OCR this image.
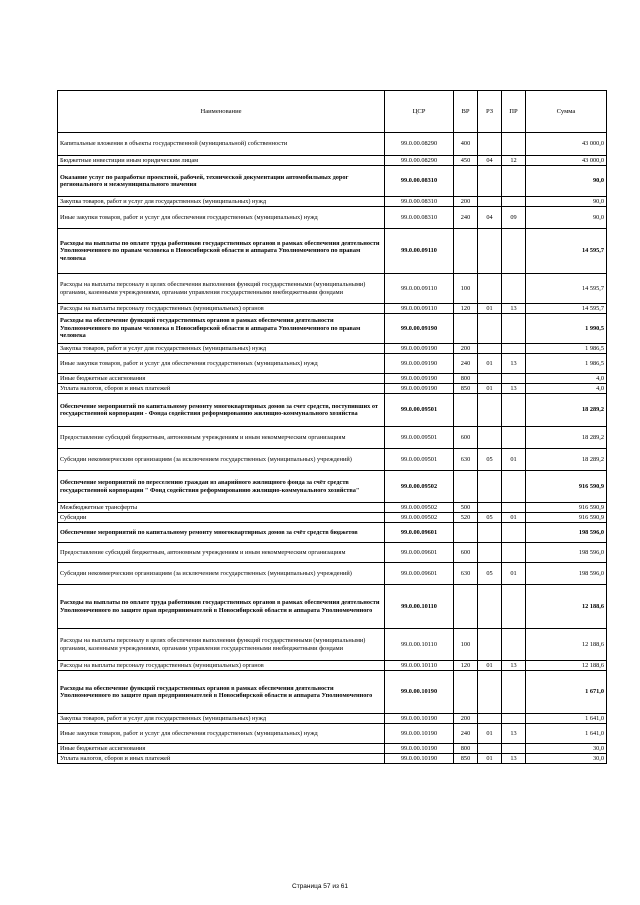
Наименование	ЦСР	ВР	РЗ	ПР	Сумма
Капитальные вложения в объекты государственной (муниципальной) собственности	99.0.00.08290	400			43 000,0
Бюджетные инвестиции иным юридическим лицам	99.0.00.08290	450	04	12	43 000,0
Оказание услуг по разработке проектной, рабочей, технической документации автомобильных дорог регионального и межмуниципального значения	99.0.00.08310				90,0
Закупка товаров, работ и услуг для государственных (муниципальных) нужд	99.0.00.08310	200			90,0
Иные закупки товаров, работ и услуг для обеспечения государственных (муниципальных) нужд	99.0.00.08310	240	04	09	90,0
Расходы на выплаты по оплате труда работников государственных органов в рамках обеспечения деятельности Уполномоченного по правам человека в Новосибирской области и аппарата Уполномоченного по правам человека	99.0.00.09110				14 595,7
Расходы на выплаты персоналу в целях обеспечения выполнения функций государственными (муниципальными) органами, казенными учреждениями, органами управления государственными внебюджетными фондами	99.0.00.09110	100			14 595,7
Расходы на выплаты персоналу государственных (муниципальных) органов	99.0.00.09110	120	01	13	14 595,7
Расходы на обеспечение функций государственных органов в рамках обеспечения деятельности Уполномоченного по правам человека в Новосибирской области и аппарата Уполномоченного по правам человека	99.0.00.09190				1 990,5
Закупка товаров, работ и услуг для государственных (муниципальных) нужд	99.0.00.09190	200			1 986,5
Иные закупки товаров, работ и услуг для обеспечения государственных (муниципальных) нужд	99.0.00.09190	240	01	13	1 986,5
Иные бюджетные ассигнования	99.0.00.09190	800			4,0
Уплата налогов, сборов и иных платежей	99.0.00.09190	850	01	13	4,0
Обеспечение мероприятий по капитальному ремонту многоквартирных домов за счет средств, поступивших от государственной корпорации - Фонда содействия реформированию жилищно-коммунального хозяйства	99.0.00.09501				18 289,2
Предоставление субсидий бюджетным, автономным учреждениям и иным некоммерческим организациям	99.0.00.09501	600			18 289,2
Субсидии некоммерческим организациям (за исключением государственных (муниципальных) учреждений)	99.0.00.09501	630	05	01	18 289,2
Обеспечение мероприятий по переселению граждан из аварийного жилищного фонда за счёт средств государственной корпорации " Фонд содействия реформированию жилищно-коммунального хозяйства"	99.0.00.09502				916 590,9
Межбюджетные трансферты	99.0.00.09502	500			916 590,9
Субсидии	99.0.00.09502	520	05	01	916 590,9
Обеспечение мероприятий по капитальному ремонту многоквартирных домов за счёт средств бюджетов	99.0.00.09601				198 596,0
Предоставление субсидий бюджетным, автономным учреждениям и иным некоммерческим организациям	99.0.00.09601	600			198 596,0
Субсидии некоммерческим организациям (за исключением государственных (муниципальных) учреждений)	99.0.00.09601	630	05	01	198 596,0
Расходы на выплаты по оплате труда работников государственных органов в рамках обеспечения деятельности Уполномоченного по защите прав предпринимателей в Новосибирской области и аппарата Уполномоченного	99.0.00.10110				12 188,6
Расходы на выплаты персоналу в целях обеспечения выполнения функций государственными (муниципальными) органами, казенными учреждениями, органами управления государственными внебюджетными фондами	99.0.00.10110	100			12 188,6
Расходы на выплаты персоналу государственных (муниципальных) органов	99.0.00.10110	120	01	13	12 188,6
Расходы на обеспечение функций государственных органов в рамках обеспечения деятельности Уполномоченного по защите прав предпринимателей в Новосибирской области и аппарата Уполномоченного	99.0.00.10190				1 671,0
Закупка товаров, работ и услуг для государственных (муниципальных) нужд	99.0.00.10190	200			1 641,0
Иные закупки товаров, работ и услуг для обеспечения государственных (муниципальных) нужд	99.0.00.10190	240	01	13	1 641,0
Иные бюджетные ассигнования	99.0.00.10190	800			30,0
Уплата налогов, сборов и иных платежей	99.0.00.10190	850	01	13	30,0
Страница 57 из 61
